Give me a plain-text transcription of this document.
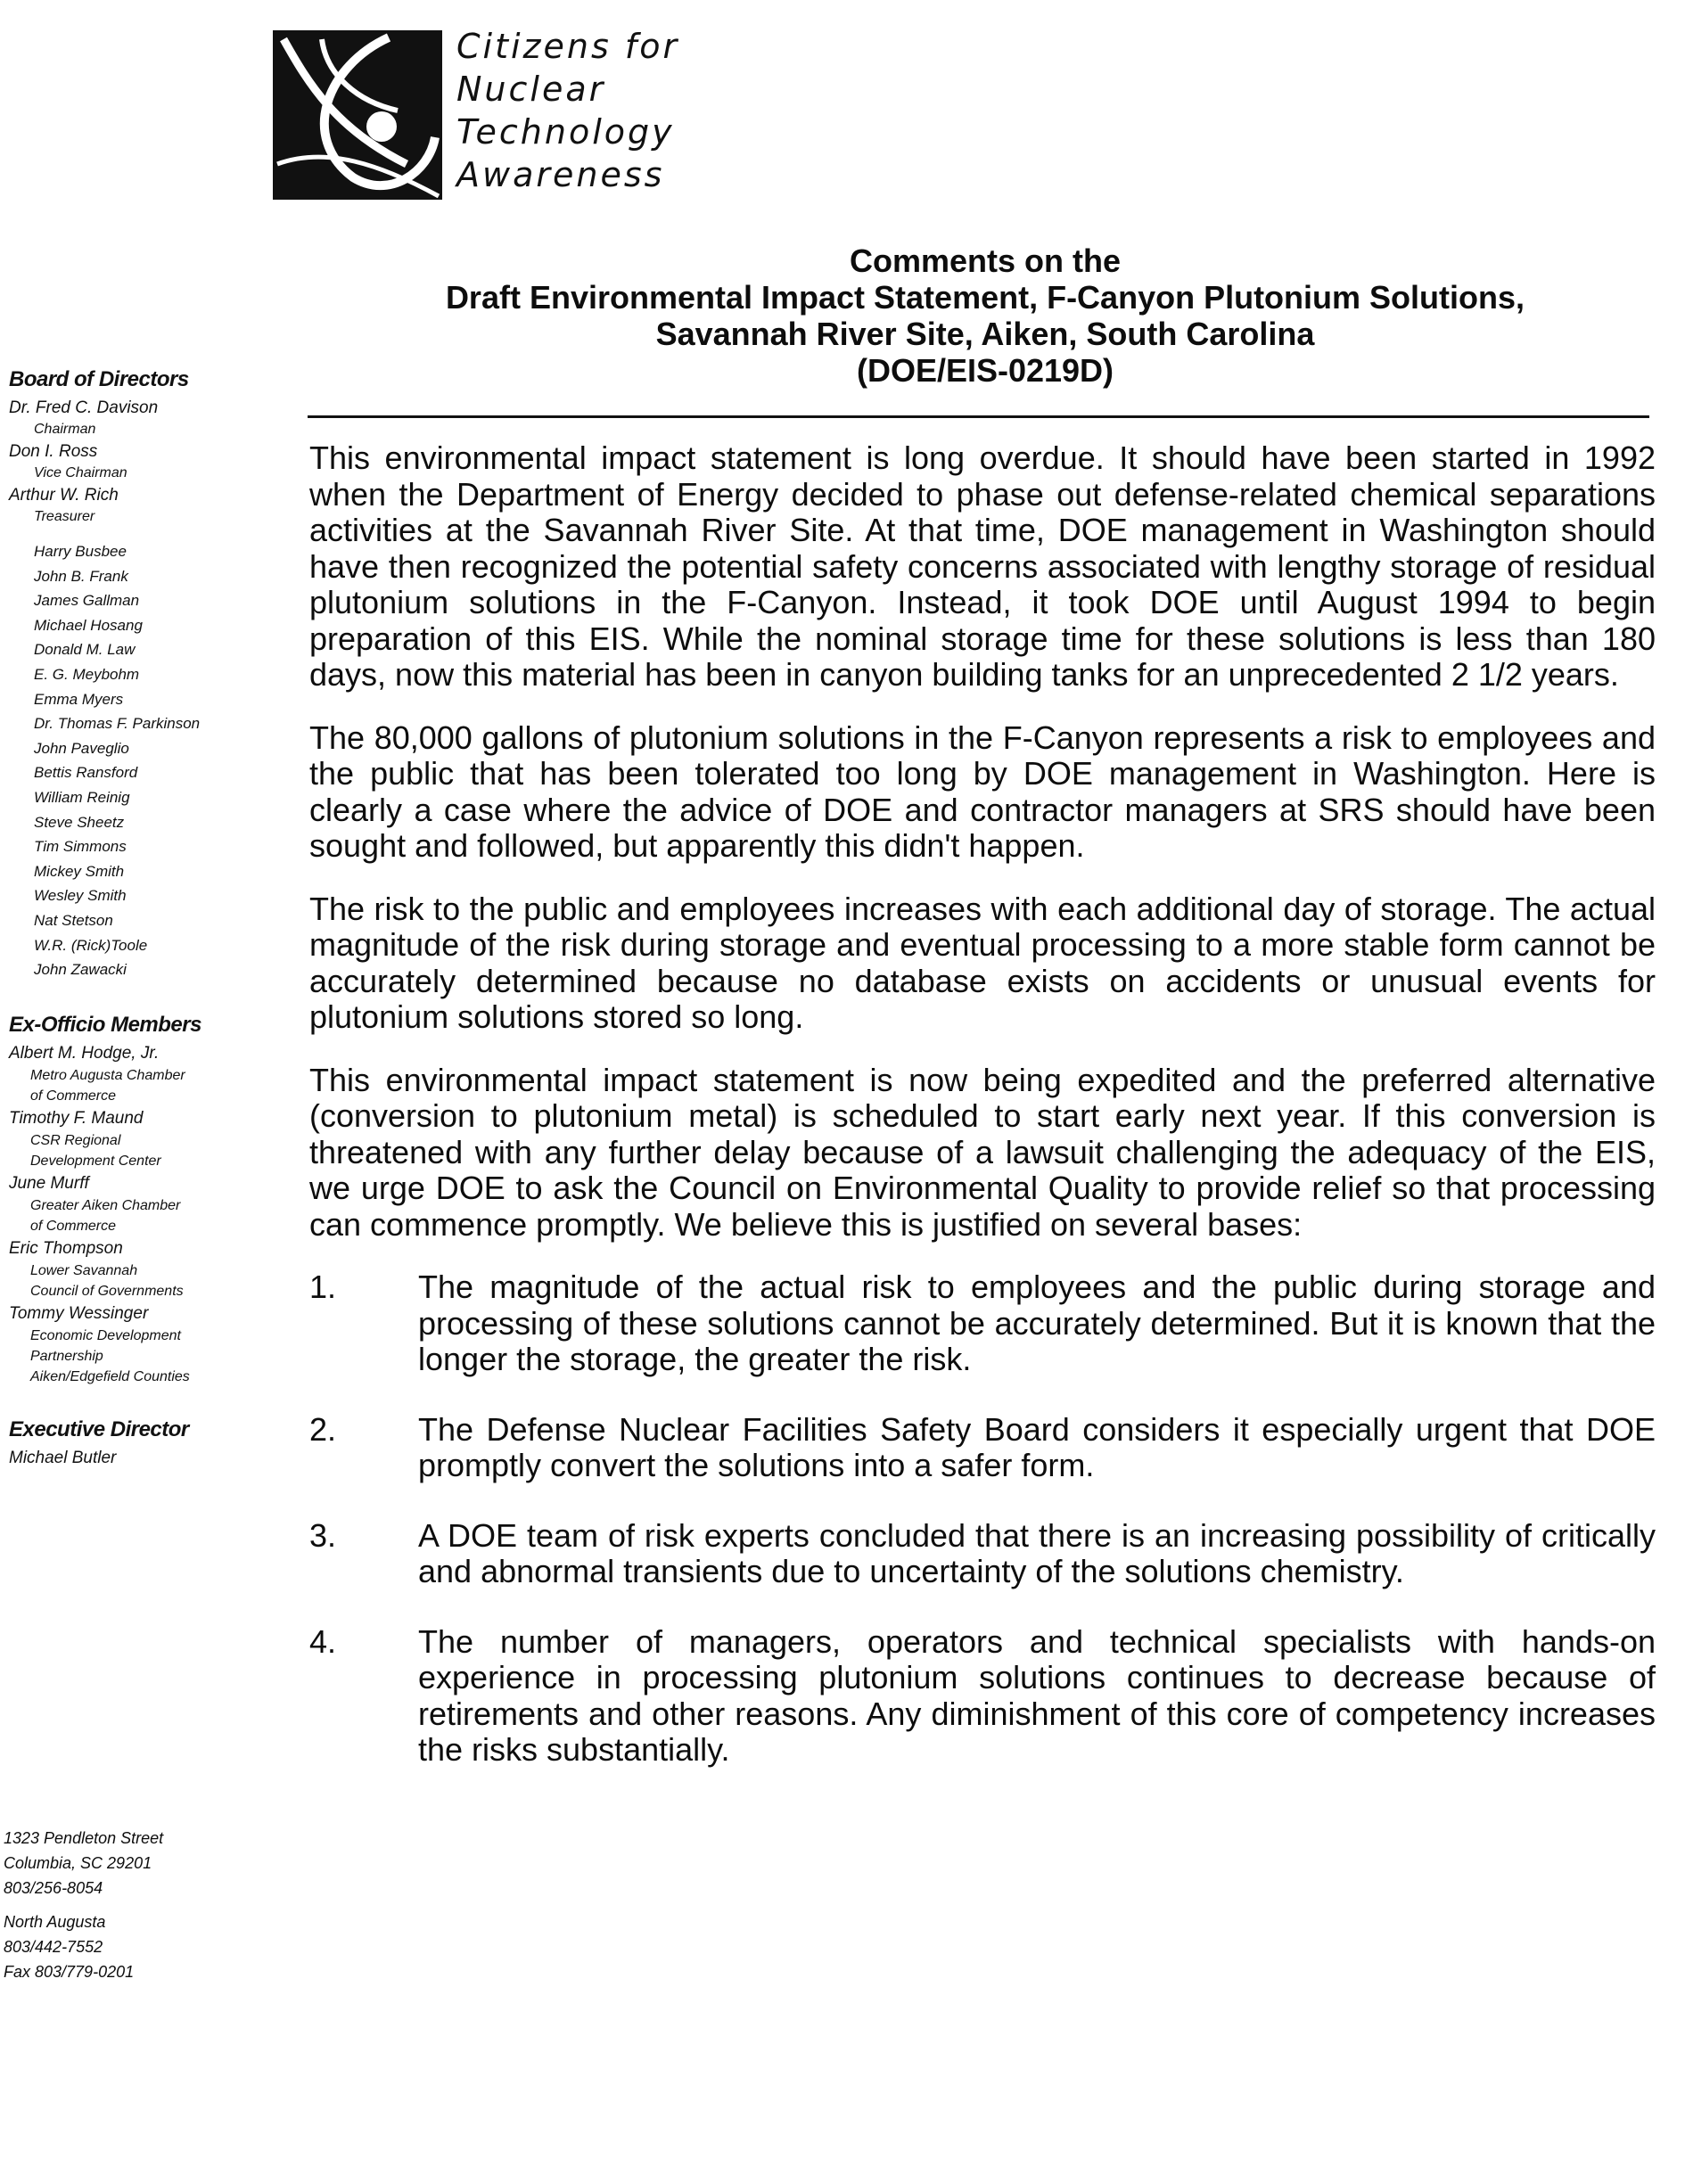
Citizens for
Nuclear
Technology
Awareness
Comments on the
Draft Environmental Impact Statement, F-Canyon Plutonium Solutions,
Savannah River Site, Aiken, South Carolina
(DOE/EIS-0219D)
Board of Directors
Dr. Fred C. Davison
Chairman
Don I. Ross
Vice Chairman
Arthur W. Rich
Treasurer
Harry Busbee
John B. Frank
James Gallman
Michael Hosang
Donald M. Law
E. G. Meybohm
Emma Myers
Dr. Thomas F. Parkinson
John Paveglio
Bettis Ransford
William Reinig
Steve Sheetz
Tim Simmons
Mickey Smith
Wesley Smith
Nat Stetson
W.R. (Rick)Toole
John Zawacki
Ex-Officio Members
Albert M. Hodge, Jr.
Metro Augusta Chamber
of Commerce
Timothy F. Maund
CSR Regional
Development Center
June Murff
Greater Aiken Chamber
of Commerce
Eric Thompson
Lower Savannah
Council of Governments
Tommy Wessinger
Economic Development
Partnership
Aiken/Edgefield Counties
Executive Director
Michael Butler
1323 Pendleton Street
Columbia, SC 29201
803/256-8054
North Augusta
803/442-7552
Fax 803/779-0201

This environmental impact statement is long overdue. It should have been started in 1992 when the Department of Energy decided to phase out defense-related chemical separations activities at the Savannah River Site. At that time, DOE management in Washington should have then recognized the potential safety concerns associated with lengthy storage of residual plutonium solutions in the F-Canyon. Instead, it took DOE until August 1994 to begin preparation of this EIS. While the nominal storage time for these solutions is less than 180 days, now this material has been in canyon building tanks for an unprecedented 2 1/2 years.

The 80,000 gallons of plutonium solutions in the F-Canyon represents a risk to employees and the public that has been tolerated too long by DOE management in Washington. Here is clearly a case where the advice of DOE and contractor managers at SRS should have been sought and followed, but apparently this didn't happen.

The risk to the public and employees increases with each additional day of storage. The actual magnitude of the risk during storage and eventual processing to a more stable form cannot be accurately determined because no database exists on accidents or unusual events for plutonium solutions stored so long.

This environmental impact statement is now being expedited and the preferred alternative (conversion to plutonium metal) is scheduled to start early next year. If this conversion is threatened with any further delay because of a lawsuit challenging the adequacy of the EIS, we urge DOE to ask the Council on Environmental Quality to provide relief so that processing can commence promptly. We believe this is justified on several bases:

1.	The magnitude of the actual risk to employees and the public during storage and processing of these solutions cannot be accurately determined. But it is known that the longer the storage, the greater the risk.
2.	The Defense Nuclear Facilities Safety Board considers it especially urgent that DOE promptly convert the solutions into a safer form.
3.	A DOE team of risk experts concluded that there is an increasing possibility of critically and abnormal transients due to uncertainty of the solutions chemistry.
4.	The number of managers, operators and technical specialists with hands-on experience in processing plutonium solutions continues to decrease because of retirements and other reasons. Any diminishment of this core of competency increases the risks substantially.
